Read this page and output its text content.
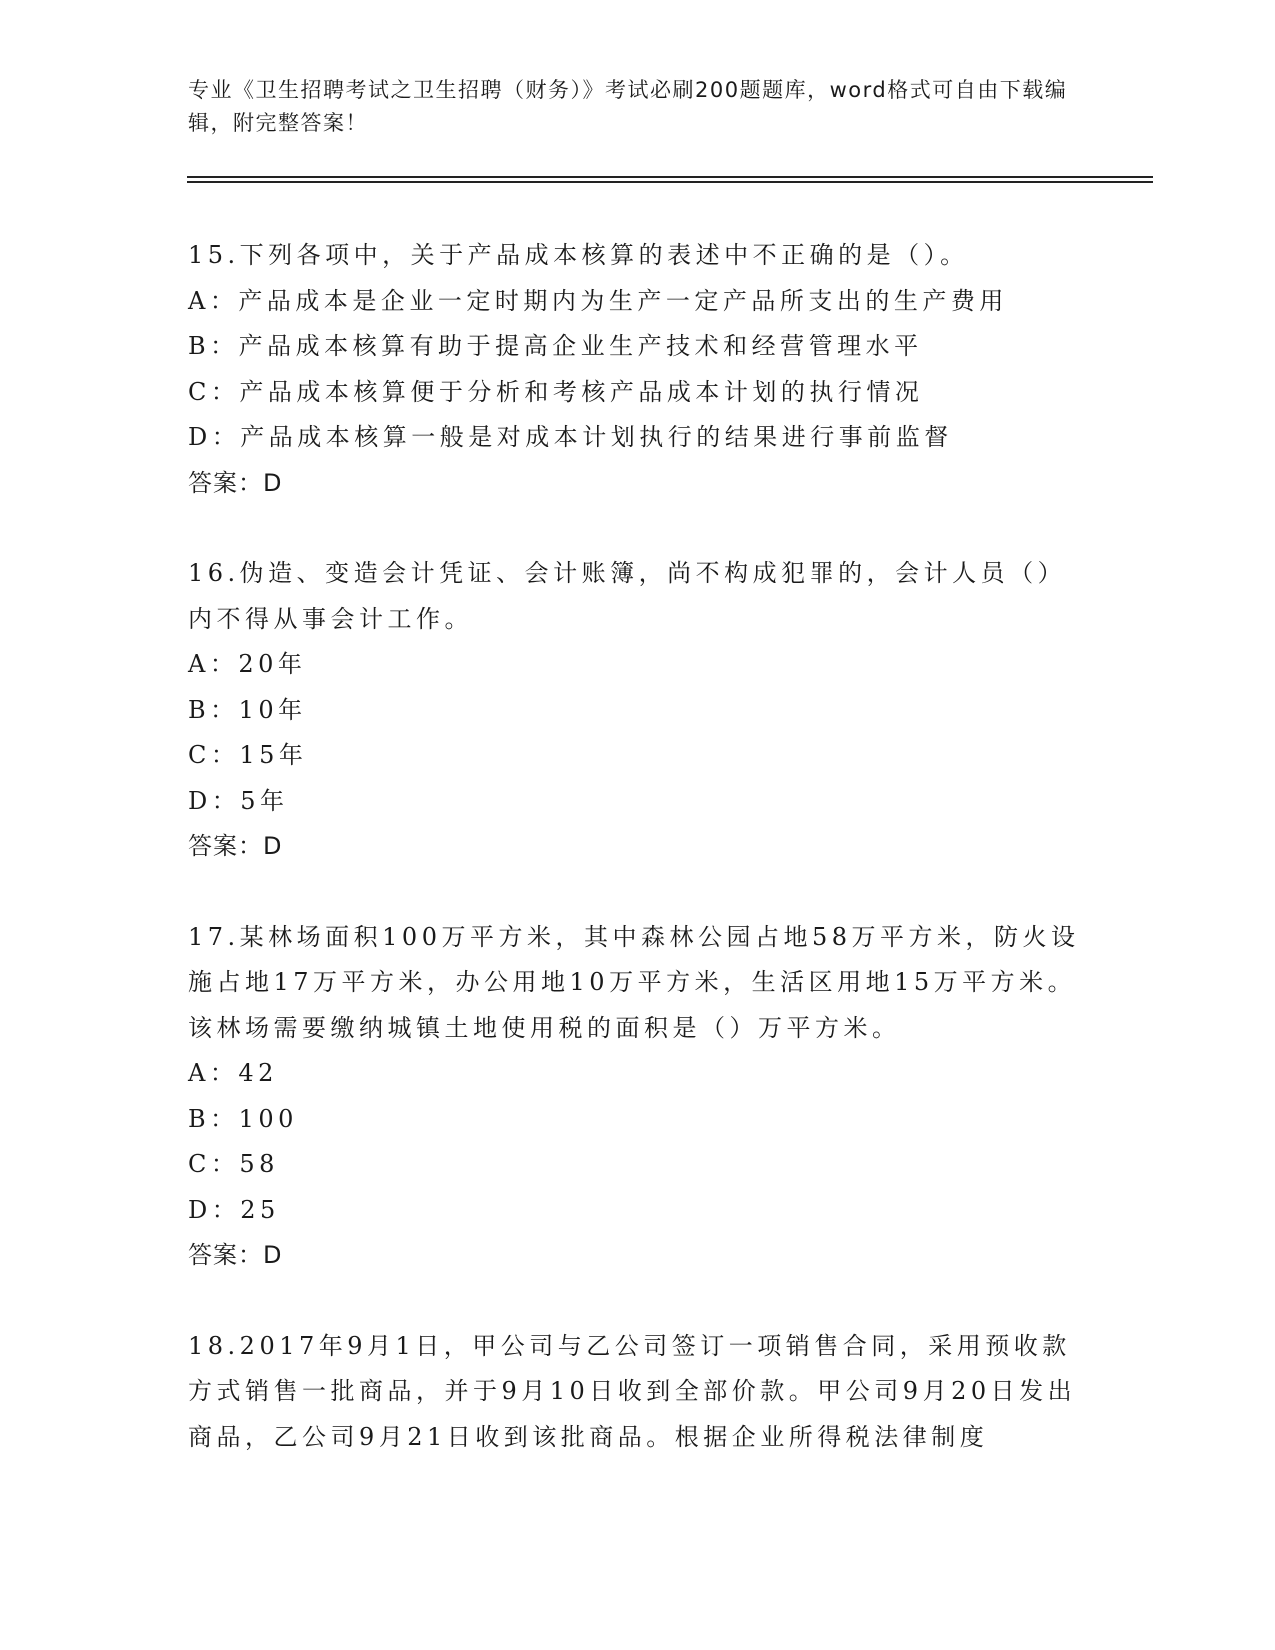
专业《卫生招聘考试之卫生招聘（财务）》考试必刷200题题库，word格式可自由下载编辑，附完整答案！
15.下列各项中，关于产品成本核算的表述中不正确的是（）。
A：产品成本是企业一定时期内为生产一定产品所支出的生产费用
B：产品成本核算有助于提高企业生产技术和经营管理水平
C：产品成本核算便于分析和考核产品成本计划的执行情况
D：产品成本核算一般是对成本计划执行的结果进行事前监督
答案：D
16.伪造、变造会计凭证、会计账簿，尚不构成犯罪的，会计人员（）内不得从事会计工作。
A：20年
B：10年
C：15年
D：5年
答案：D
17.某林场面积100万平方米，其中森林公园占地58万平方米，防火设施占地17万平方米，办公用地10万平方米，生活区用地15万平方米。该林场需要缴纳城镇土地使用税的面积是（）万平方米。
A：42
B：100
C：58
D：25
答案：D
18.2017年9月1日，甲公司与乙公司签订一项销售合同，采用预收款方式销售一批商品，并于9月10日收到全部价款。甲公司9月20日发出商品，乙公司9月21日收到该批商品。根据企业所得税法律制度
